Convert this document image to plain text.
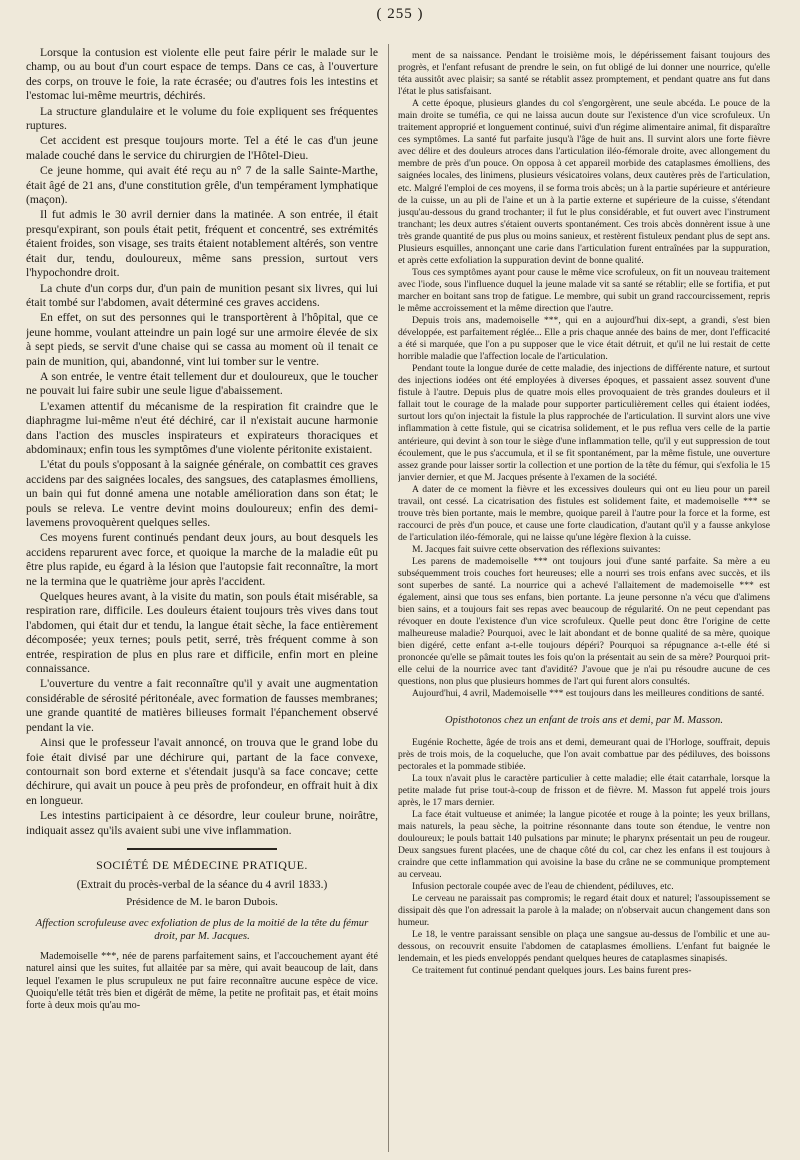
( 255 )

Lorsque la contusion est violente elle peut faire périr le malade sur le champ, ou au bout d'un court espace de temps. Dans ce cas, à l'ouverture des corps, on trouve le foie, la rate écrasée; ou d'autres fois les intestins et l'estomac lui-même meurtris, déchirés.

La structure glandulaire et le volume du foie expliquent ses fréquentes ruptures.

Cet accident est presque toujours morte. Tel a été le cas d'un jeune malade couché dans le service du chirurgien de l'Hôtel-Dieu.

Ce jeune homme, qui avait été reçu au n° 7 de la salle Sainte-Marthe, était âgé de 21 ans, d'une constitution grêle, d'un tempérament lymphatique (maçon).

Il fut admis le 30 avril dernier dans la matinée. A son entrée, il était presqu'expirant, son pouls était petit, fréquent et concentré, ses extrémités étaient froides, son visage, ses traits étaient notablement altérés, son ventre était dur, tendu, douloureux, même sans pression, surtout vers l'hypochondre droit.

La chute d'un corps dur, d'un pain de munition pesant six livres, qui lui était tombé sur l'abdomen, avait déterminé ces graves accidens.

En effet, on sut des personnes qui le transportèrent à l'hôpital, que ce jeune homme, voulant atteindre un pain logé sur une armoire élevée de six à sept pieds, se servit d'une chaise qui se cassa au moment où il tenait ce pain de munition, qui, abandonné, vint lui tomber sur le ventre.

A son entrée, le ventre était tellement dur et douloureux, que le toucher ne pouvait lui faire subir une seule ligue d'abaissement.

L'examen attentif du mécanisme de la respiration fit craindre que le diaphragme lui-même n'eut été déchiré, car il n'existait aucune harmonie dans l'action des muscles inspirateurs et expirateurs thoraciques et abdominaux; enfin tous les symptômes d'une violente péritonite existaient.

L'état du pouls s'opposant à la saignée générale, on combattit ces graves accidens par des saignées locales, des sangsues, des cataplasmes émolliens, un bain qui fut donné amena une notable amélioration dans son état; le pouls se releva. Le ventre devint moins douloureux; enfin des demi-lavemens provoquèrent quelques selles.

Ces moyens furent continués pendant deux jours, au bout desquels les accidens reparurent avec force, et quoique la marche de la maladie eût pu être plus rapide, eu égard à la lésion que l'autopsie fait reconnaître, la mort ne la termina que le quatrième jour après l'accident.

Quelques heures avant, à la visite du matin, son pouls était misérable, sa respiration rare, difficile. Les douleurs étaient toujours très vives dans tout l'abdomen, qui était dur et tendu, la langue était sèche, la face entièrement décomposée; yeux ternes; pouls petit, serré, très fréquent comme à son entrée, respiration de plus en plus rare et difficile, enfin mort en pleine connaissance.

L'ouverture du ventre a fait reconnaître qu'il y avait une augmentation considérable de sérosité péritonéale, avec formation de fausses membranes; une grande quantité de matières bilieuses formait l'épanchement observé pendant la vie.

Ainsi que le professeur l'avait annoncé, on trouva que le grand lobe du foie était divisé par une déchirure qui, partant de la face convexe, contournait son bord externe et s'étendait jusqu'à sa face concave; cette déchirure, qui avait un pouce à peu près de profondeur, en offrait huit à dix en longueur.

Les intestins participaient à ce désordre, leur couleur brune, noirâtre, indiquait assez qu'ils avaient subi une vive inflammation.

SOCIÉTÉ DE MÉDECINE PRATIQUE.
(Extrait du procès-verbal de la séance du 4 avril 1833.)
Présidence de M. le baron Dubois.
Affection scrofuleuse avec exfoliation de plus de la moitié de la tête du fémur droit, par M. Jacques.

Mademoiselle ***, née de parens parfaitement sains, et l'accouchement ayant été naturel ainsi que les suites, fut allaitée par sa mère, qui avait beaucoup de lait, dans lequel l'examen le plus scrupuleux ne put faire reconnaître aucune espèce de vice. Quoiqu'elle tétât très bien et digérât de même, la petite ne profitait pas, et était moins forte à deux mois qu'au mo-

ment de sa naissance. Pendant le troisième mois, le dépérissement faisant toujours des progrès, et l'enfant refusant de prendre le sein, on fut obligé de lui donner une nourrice, qu'elle téta aussitôt avec plaisir; sa santé se rétablit assez promptement, et pendant quatre ans fut dans l'état le plus satisfaisant.

A cette époque, plusieurs glandes du col s'engorgèrent, une seule abcéda. Le pouce de la main droite se tuméfia, ce qui ne laissa aucun doute sur l'existence d'un vice scrofuleux. Un traitement approprié et longuement continué, suivi d'un régime alimentaire animal, fit disparaître ces symptômes. La santé fut parfaite jusqu'à l'âge de huit ans. Il survint alors une forte fièvre avec délire et des douleurs atroces dans l'articulation iléo-fémorale droite, avec allongement du membre de près d'un pouce. On opposa à cet appareil morbide des cataplasmes émolliens, des saignées locales, des linimens, plusieurs vésicatoires volans, deux cautères près de l'articulation, etc. Malgré l'emploi de ces moyens, il se forma trois abcès; un à la partie supérieure et antérieure de la cuisse, un au pli de l'aine et un à la partie externe et supérieure de la cuisse, s'étendant jusqu'au-dessous du grand trochanter; il fut le plus considérable, et fut ouvert avec l'instrument tranchant; les deux autres s'étaient ouverts spontanément. Ces trois abcès donnèrent issue à une très grande quantité de pus plus ou moins sanieux, et restèrent fistuleux pendant plus de sept ans. Plusieurs esquilles, annonçant une carie dans l'articulation furent entraînées par la suppuration, et après cette exfoliation la suppuration devint de bonne qualité.

Tous ces symptômes ayant pour cause le même vice scrofuleux, on fit un nouveau traitement avec l'iode, sous l'influence duquel la jeune malade vit sa santé se rétablir; elle se fortifia, et put marcher en boitant sans trop de fatigue. Le membre, qui subit un grand raccourcissement, repris le même accroissement et la même direction que l'autre.

Depuis trois ans, mademoiselle ***, qui en a aujourd'hui dix-sept, a grandi, s'est bien développée, est parfaitement réglée... Elle a pris chaque année des bains de mer, dont l'efficacité a été si marquée, que l'on a pu supposer que le vice était détruit, et qu'il ne lui restait de cette horrible maladie que l'affection locale de l'articulation.

Pendant toute la longue durée de cette maladie, des injections de différente nature, et surtout des injections iodées ont été employées à diverses époques, et passaient assez souvent d'une fistule à l'autre. Depuis plus de quatre mois elles provoquaient de très grandes douleurs et il fallait tout le courage de la malade pour supporter particulièrement celles qui étaient iodées, surtout lors qu'on injectait la fistule la plus rapprochée de l'articulation. Il survint alors une vive inflammation à cette fistule, qui se cicatrisa solidement, et le pus reflua vers celle de la partie antérieure, qui devint à son tour le siège d'une inflammation telle, qu'il y eut suppression de tout écoulement, que le pus s'accumula, et il se fit spontanément, par la même fistule, une ouverture assez grande pour laisser sortir la collection et une portion de la tête du fémur, qui s'exfolia le 15 janvier dernier, et que M. Jacques présente à l'examen de la société.

A dater de ce moment la fièvre et les excessives douleurs qui ont eu lieu pour un pareil travail, ont cessé. La cicatrisation des fistules est solidement faite, et mademoiselle *** se trouve très bien portante, mais le membre, quoique pareil à l'autre pour la force et la forme, est raccourci de près d'un pouce, et cause une forte claudication, d'autant qu'il y a fausse ankylose de l'articulation iléo-fémorale, qui ne laisse qu'une légère flexion à la cuisse.

M. Jacques fait suivre cette observation des réflexions suivantes:

Les parens de mademoiselle *** ont toujours joui d'une santé parfaite. Sa mère a eu subséquemment trois couches fort heureuses; elle a nourri ses trois enfans avec succès, et ils sont superbes de santé. La nourrice qui a achevé l'allaitement de mademoiselle *** est également, ainsi que tous ses enfans, bien portante. La jeune personne n'a vécu que d'alimens bien sains, et a toujours fait ses repas avec beaucoup de régularité. On ne peut cependant pas révoquer en doute l'existence d'un vice scrofuleux. Quelle peut donc être l'origine de cette malheureuse maladie? Pourquoi, avec le lait abondant et de bonne qualité de sa mère, quoique bien digéré, cette enfant a-t-elle toujours dépéri? Pourquoi sa répugnance a-t-elle été si prononcée qu'elle se pâmait toutes les fois qu'on la présentait au sein de sa mère? Pourquoi prit-elle celui de la nourrice avec tant d'avidité? J'avoue que je n'ai pu résoudre aucune de ces questions, non plus que plusieurs hommes de l'art qui furent alors consultés.

Aujourd'hui, 4 avril, Mademoiselle *** est toujours dans les meilleures conditions de santé.

Opisthotonos chez un enfant de trois ans et demi, par M. Masson.

Eugénie Rochette, âgée de trois ans et demi, demeurant quai de l'Horloge, souffrait, depuis près de trois mois, de la coqueluche, que l'on avait combattue par des pédiluves, des boissons pectorales et la pommade stibiée.

La toux n'avait plus le caractère particulier à cette maladie; elle était catarrhale, lorsque la petite malade fut prise tout-à-coup de frisson et de fièvre. M. Masson fut appelé trois jours après, le 17 mars dernier.

La face était vultueuse et animée; la langue picotée et rouge à la pointe; les yeux brillans, mais naturels, la peau sèche, la poitrine résonnante dans toute son étendue, le ventre non douloureux; le pouls battait 140 pulsations par minute; le pharynx présentait un peu de rougeur. Deux sangsues furent placées, une de chaque côté du col, car chez les enfans il est toujours à craindre que cette inflammation qui avoisine la base du crâne ne se communique promptement au cerveau.

Infusion pectorale coupée avec de l'eau de chiendent, pédiluves, etc.

Le cerveau ne paraissait pas compromis; le regard était doux et naturel; l'assoupissement se dissipait dès que l'on adressait la parole à la malade; on n'observait aucun changement dans son humeur.

Le 18, le ventre paraissant sensible on plaça une sangsue au-dessus de l'ombilic et une au-dessous, on recouvrit ensuite l'abdomen de cataplasmes émolliens. L'enfant fut baignée le lendemain, et les pieds enveloppés pendant quelques heures de cataplasmes sinapisés.

Ce traitement fut continué pendant quelques jours. Les bains furent pres-
